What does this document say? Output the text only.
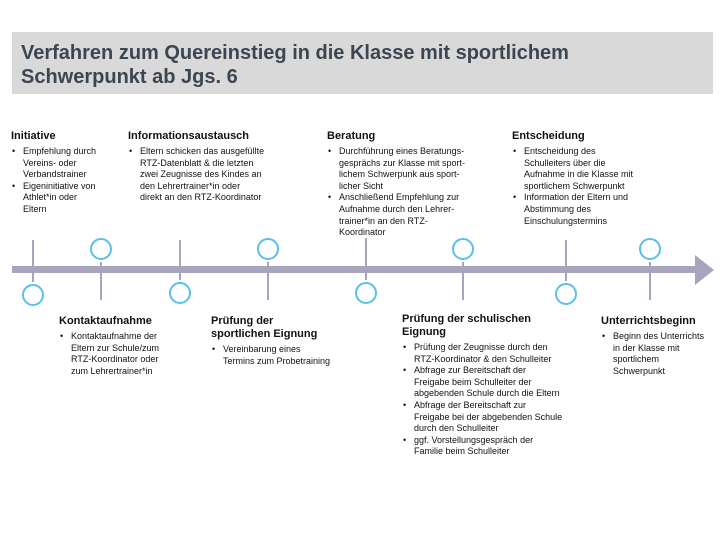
Verfahren zum Quereinstieg in die Klasse mit sportlichem
Schwerpunkt ab Jgs. 6
Initiative
• Empfehlung durch
Vereins- oder
Verbandstrainer
• Eigeninitiative von
Athlet*in oder
Eltern
Informationsaustausch
• Eltern schicken das ausgefüllte
RTZ-Datenblatt & die letzten
zwei Zeugnisse des Kindes an
den Lehrertrainer*in oder
direkt an den RTZ-Koordinator
Beratung
• Durchführung eines Beratungs-
gesprächs zur Klasse mit sport-
lichem Schwerpunk aus sport-
licher Sicht
• Anschließend Empfehlung zur
Aufnahme durch den Lehrer-
trainer*in an den RTZ-
Koordinator
Entscheidung
• Entscheidung des
Schulleiters über die
Aufnahme in die Klasse mit
sportlichem Schwerpunkt
• Information der Eltern und
Abstimmung des
Einschulungstermins
Kontaktaufnahme
• Kontaktaufnahme der
Eltern zur Schule/zum
RTZ-Koordinator oder
zum Lehrertrainer*in
Prüfung der
sportlichen Eignung
• Vereinbarung eines
Termins zum Probetraining
Prüfung der schulischen
Eignung
• Prüfung der Zeugnisse durch den
RTZ-Koordinator & den Schulleiter
• Abfrage zur Bereitschaft der
Freigabe beim Schulleiter der
abgebenden Schule durch die Eltern
• Abfrage der Bereitschaft zur
Freigabe bei der abgebenden Schule
durch den Schulleiter
• ggf. Vorstellungsgespräch der
Familie beim Schulleiter
Unterrichtsbeginn
• Beginn des Unterrichts
in der Klasse mit
sportlichem
Schwerpunkt
